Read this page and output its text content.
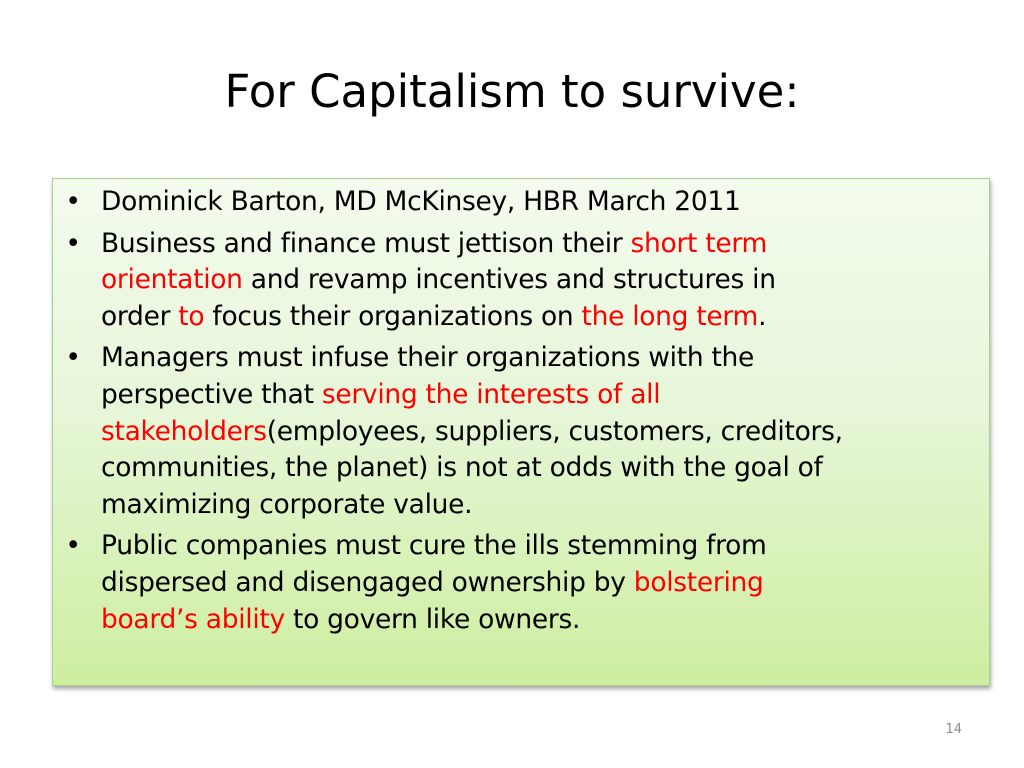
For Capitalism to survive:
• Dominick Barton, MD McKinsey, HBR March 2011
• Business and finance must jettison their short term
orientation and revamp incentives and structures in
order to focus their organizations on the long term.
• Managers must infuse their organizations with the
perspective that serving the interests of all
stakeholders(employees, suppliers, customers, creditors,
communities, the planet) is not at odds with the goal of
maximizing corporate value.
• Public companies must cure the ills stemming from
dispersed and disengaged ownership by bolstering
board’s ability to govern like owners.
14
